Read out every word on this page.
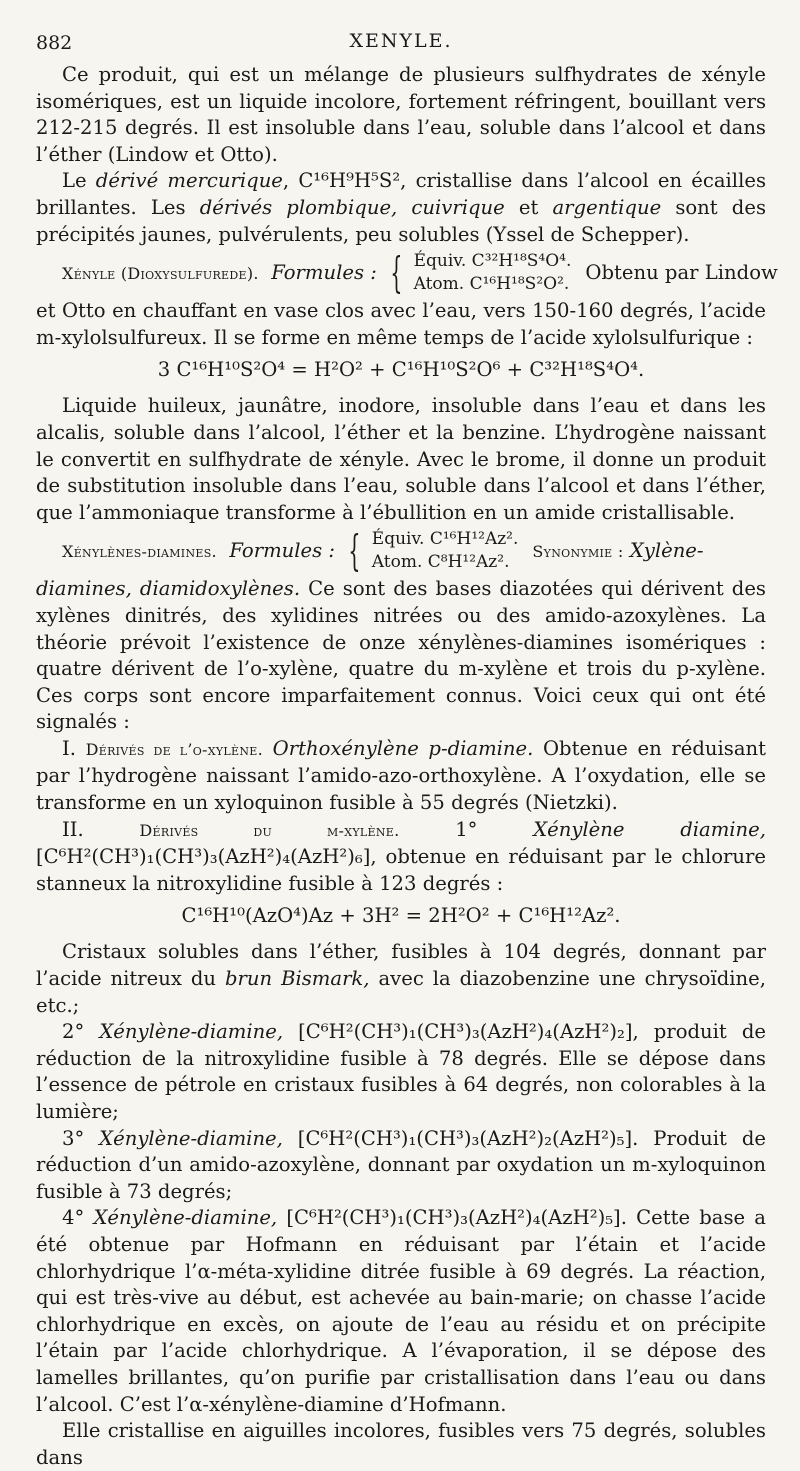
882	XENYLE.

Ce produit, qui est un mélange de plusieurs sulfhydrates de xényle isomériques, est un liquide incolore, fortement réfringent, bouillant vers 212-215 degrés. Il est insoluble dans l’eau, soluble dans l’alcool et dans l’éther (Lindow et Otto).

Le dérivé mercurique, C¹⁶H⁹H⁵S², cristallise dans l’alcool en écailles brillantes. Les dérivés plombique, cuivrique et argentique sont des précipités jaunes, pulvérulents, peu solubles (Yssel de Schepper).

Xényle (Dioxysulfurede). Formules : { Équiv. C³²H¹⁸S⁴O⁴.
Atom. C¹⁶H¹⁸S²O². Obtenu par Lindow

et Otto en chauffant en vase clos avec l’eau, vers 150-160 degrés, l’acide m-xylolsulfureux. Il se forme en même temps de l’acide xylolsulfurique :

3 C¹⁶H¹⁰S²O⁴ = H²O² + C¹⁶H¹⁰S²O⁶ + C³²H¹⁸S⁴O⁴.

Liquide huileux, jaunâtre, inodore, insoluble dans l’eau et dans les alcalis, soluble dans l’alcool, l’éther et la benzine. L’hydrogène naissant le convertit en sulfhydrate de xényle. Avec le brome, il donne un produit de substitution insoluble dans l’eau, soluble dans l’alcool et dans l’éther, que l’ammoniaque transforme à l’ébullition en un amide cristallisable.

Xénylènes-diamines. Formules : { Équiv. C¹⁶H¹²Az².
Atom. C⁸H¹²Az².
Synonymie : Xylène-

diamines, diamidoxylènes. Ce sont des bases diazotées qui dérivent des xylènes dinitrés, des xylidines nitrées ou des amido-azoxylènes. La théorie prévoit l’existence de onze xénylènes-diamines isomériques : quatre dérivent de l’o-xylène, quatre du m-xylène et trois du p-xylène. Ces corps sont encore imparfaitement connus. Voici ceux qui ont été signalés :

I. Dérivés de l’o-xylène. Orthoxénylène p-diamine. Obtenue en réduisant par l’hydrogène naissant l’amido-azo-orthoxylène. A l’oxydation, elle se transforme en un xyloquinon fusible à 55 degrés (Nietzki).

II. Dérivés du m-xylène. 1° Xénylène diamine,[C⁶H²(CH³)₁(CH³)₃(AzH²)₄(AzH²)₆], obtenue en réduisant par le chlorure stanneux la nitroxylidine fusible à 123 degrés :

C¹⁶H¹⁰(AzO⁴)Az + 3H² = 2H²O² + C¹⁶H¹²Az².

Cristaux solubles dans l’éther, fusibles à 104 degrés, donnant par l’acide nitreux du brun Bismark, avec la diazobenzine une chrysoïdine, etc.;

2° Xénylène-diamine, [C⁶H²(CH³)₁(CH³)₃(AzH²)₄(AzH²)₂], produit de réduction de la nitroxylidine fusible à 78 degrés. Elle se dépose dans l’essence de pétrole en cristaux fusibles à 64 degrés, non colorables à la lumière;

3° Xénylène-diamine, [C⁶H²(CH³)₁(CH³)₃(AzH²)₂(AzH²)₅]. Produit de réduction d’un amido-azoxylène, donnant par oxydation un m-xyloquinon fusible à 73 degrés;

4° Xénylène-diamine, [C⁶H²(CH³)₁(CH³)₃(AzH²)₄(AzH²)₅]. Cette base a été obtenue par Hofmann en réduisant par l’étain et l’acide chlorhydrique l’α-méta-xylidine ditrée fusible à 69 degrés. La réaction, qui est très-vive au début, est achevée au bain-marie; on chasse l’acide chlorhydrique en excès, on ajoute de l’eau au résidu et on précipite l’étain par l’acide chlorhydrique. A l’évaporation, il se dépose des lamelles brillantes, qu’on purifie par cristallisation dans l’eau ou dans l’alcool. C’est l’α-xénylène-diamine d’Hofmann.

Elle cristallise en aiguilles incolores, fusibles vers 75 degrés, solubles dans
